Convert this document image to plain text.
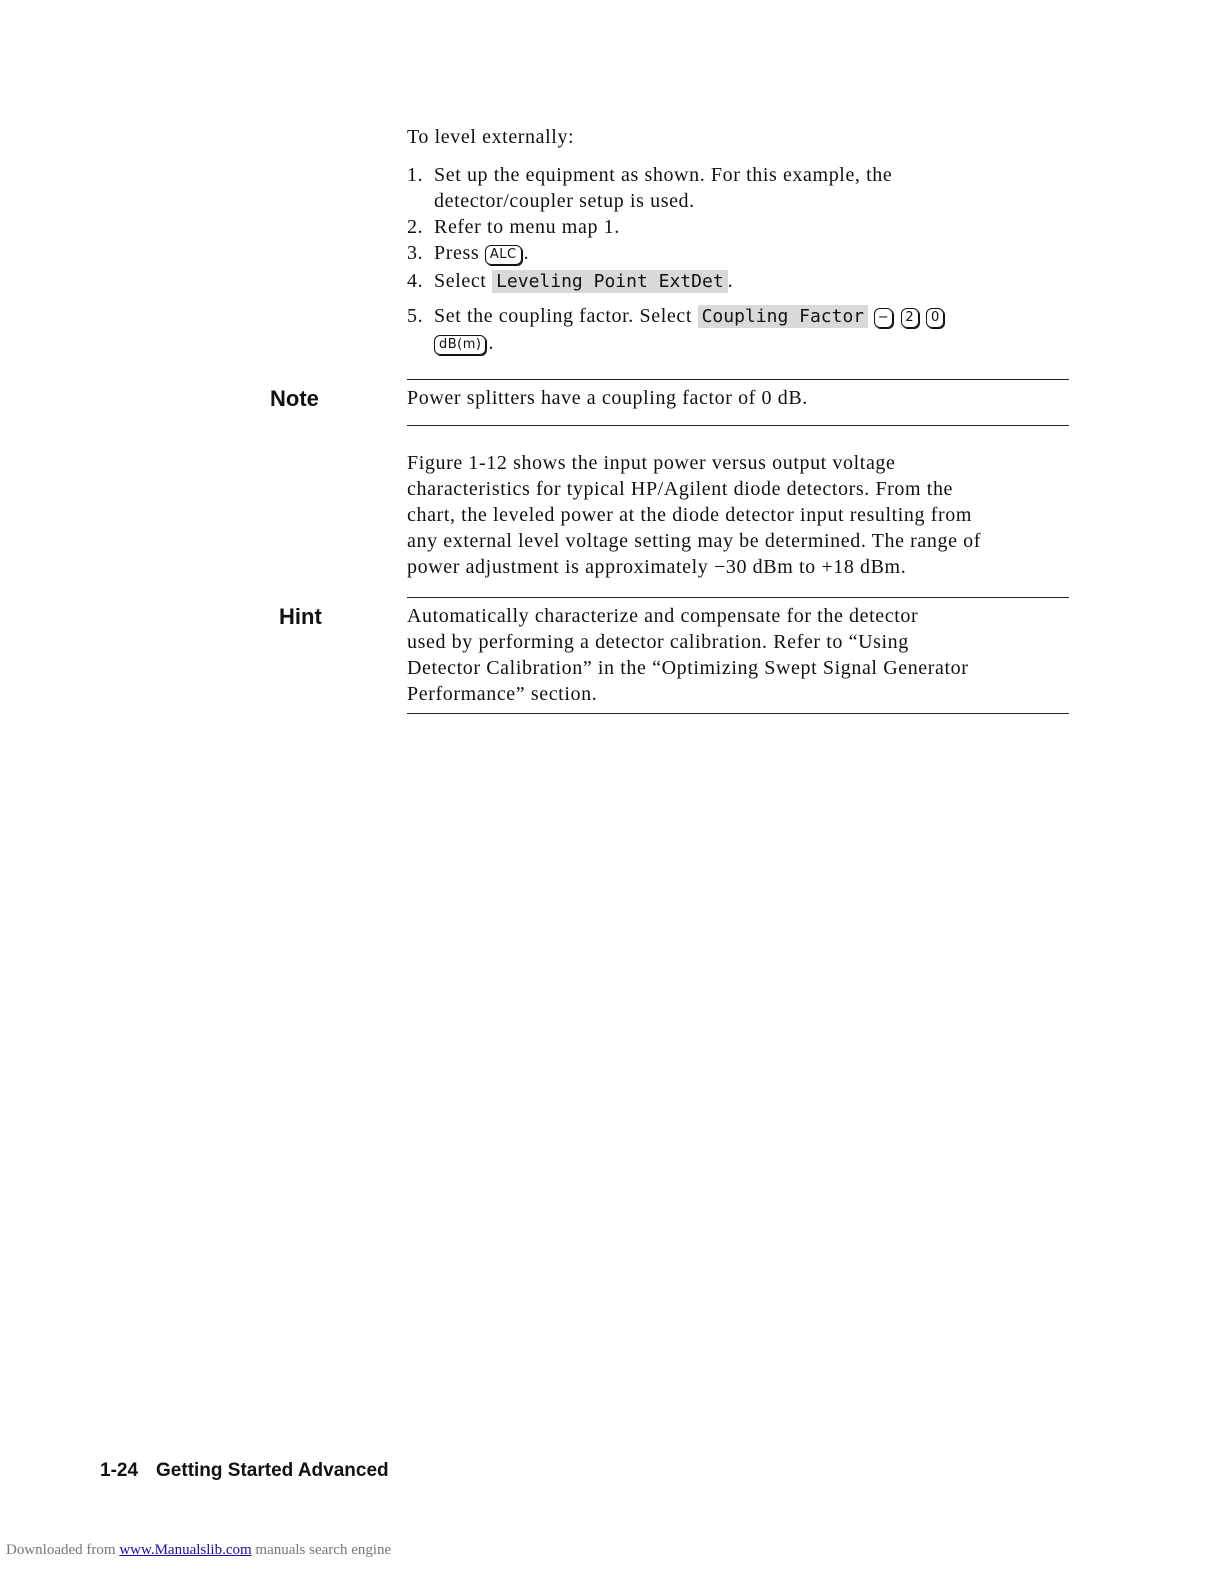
To level externally:
1. Set up the equipment as shown. For this example, the
detector/coupler setup is used.
2. Refer to menu map 1.
3. Press ALC .
4. Select Leveling Point ExtDet .
5. Set the coupling factor. Select Coupling Factor − 2 0
dB(m) .
Note	Power splitters have a coupling factor of 0 dB.
Figure 1-12 shows the input power versus output voltage
characteristics for typical HP/Agilent diode detectors. From the
chart, the leveled power at the diode detector input resulting from
any external level voltage setting may be determined. The range of
power adjustment is approximately −30 dBm to +18 dBm.
Hint	Automatically characterize and compensate for the detector
used by performing a detector calibration. Refer to “Using
Detector Calibration” in the “Optimizing Swept Signal Generator
Performance” section.
1-24 Getting Started Advanced
Downloaded from www.Manualslib.com manuals search engine
